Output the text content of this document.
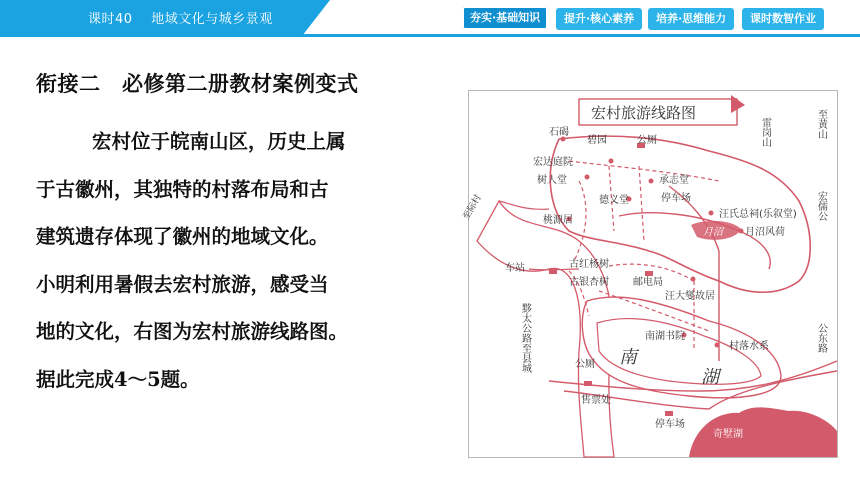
课时40 地域文化与城乡景观	夯实·基础知识	提升·核心素养	培养·思维能力	课时数智作业
衔接二　必修第二册教材案例变式
宏村位于皖南山区，历史上属
于古徽州，其独特的村落布局和古
建筑遗存体现了徽州的地域文化。
小明利用暑假去宏村旅游，感受当
地的文化，右图为宏村旅游线路图。
据此完成4～5题。
宏村旅游线路图
雷岗山	至黄山
宏儒公
公东路
石碣
碧园	公厕
宏达庭院
树人堂	承志堂
德义堂	停车场
汪氏总祠(乐叙堂)
月沼 月沼风荷
桃源居
车站	古红杨树
古银杏树 邮电局
汪大燮故居
南湖书院
村落水系
南
湖
公厕
售票处
停车场
奇墅湖
黟太公路至县城
至际村
